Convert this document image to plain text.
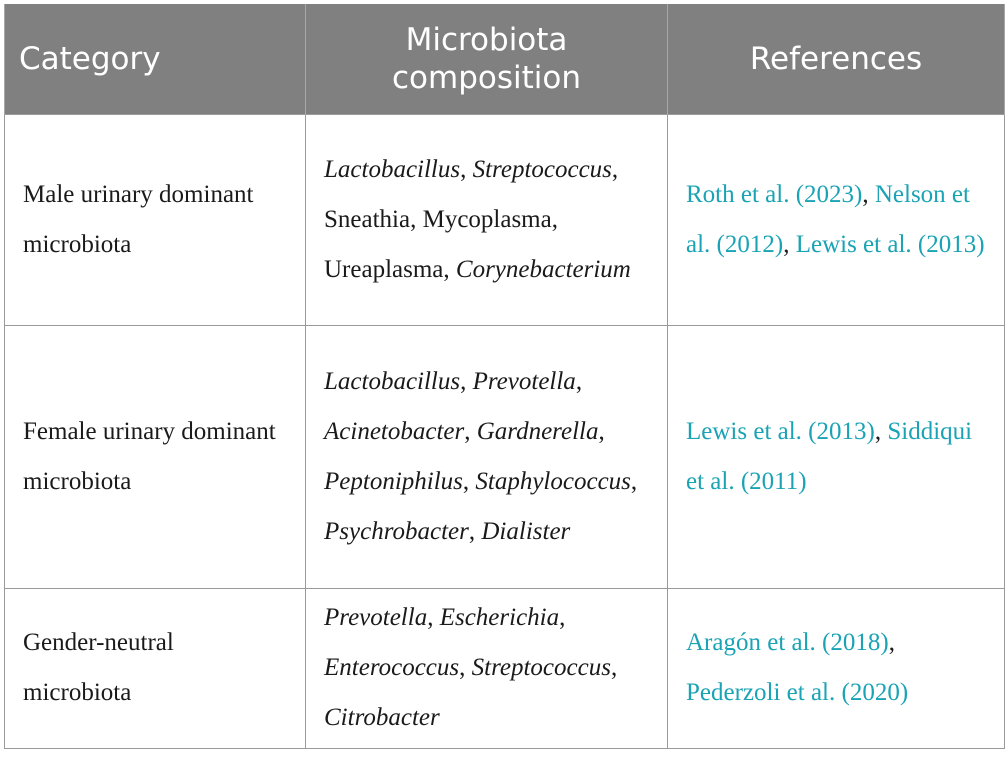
Category	Microbiota composition	References
Male urinary dominant microbiota	Lactobacillus, Streptococcus, Sneathia, Mycoplasma, Ureaplasma, Corynebacterium	Roth et al. (2023), Nelson et al. (2012), Lewis et al. (2013)
Female urinary dominant microbiota	Lactobacillus, Prevotella, Acinetobacter, Gardnerella, Peptoniphilus, Staphylococcus, Psychrobacter, Dialister	Lewis et al. (2013), Siddiqui et al. (2011)
Gender-neutral microbiota	Prevotella, Escherichia, Enterococcus, Streptococcus, Citrobacter	Aragón et al. (2018), Pederzoli et al. (2020)
